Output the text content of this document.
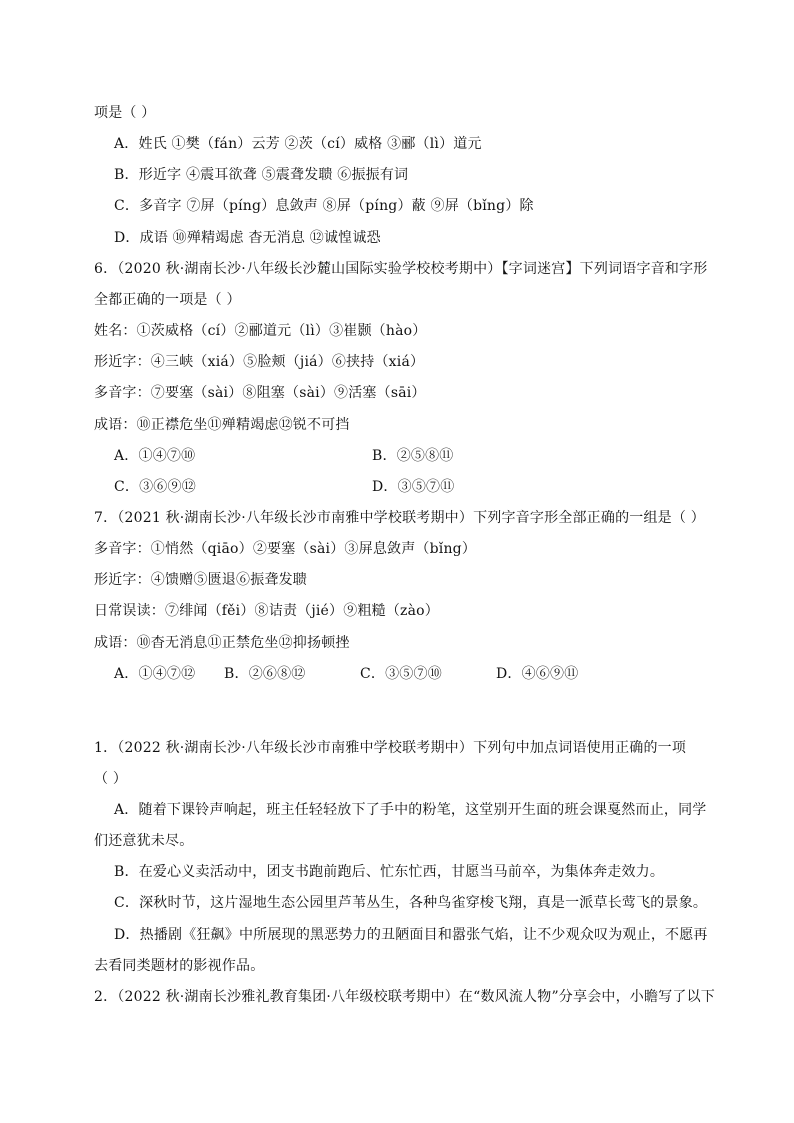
项是（ ）
A．姓氏 ①樊（fán）云芳 ②茨（cí）威格 ③郦（lì）道元
B．形近字 ④震耳欲聋 ⑤震聋发聩 ⑥振振有词
C．多音字 ⑦屏（píng）息敛声 ⑧屏（píng）蔽 ⑨屏（bǐng）除
D．成语 ⑩殚精竭虑 杳无消息 ⑫诚惶诚恐
6．（2020 秋·湖南长沙·八年级长沙麓山国际实验学校校考期中）【字词迷宫】下列词语字音和字形
全都正确的一项是（ ）
姓名：①茨威格（cí）②郦道元（lì）③崔颢（hào）
形近字：④三峡（xiá）⑤脸颊（jiá）⑥挟持（xiá）
多音字：⑦要塞（sài）⑧阻塞（sài）⑨活塞（sāi）
成语：⑩正襟危坐⑪殚精竭虑⑫锐不可挡
A．①④⑦⑩	B．②⑤⑧⑪
C．③⑥⑨⑫	D．③⑤⑦⑪
7．（2021 秋·湖南长沙·八年级长沙市南雅中学校联考期中）下列字音字形全部正确的一组是（ ）
多音字：①悄然（qiāo）②要塞（sài）③屏息敛声（bǐng）
形近字：④馈赠⑤匮退⑥振聋发聩
日常误读：⑦绯闻（fěi）⑧诘责（jié）⑨粗糙（zào）
成语：⑩杳无消息⑪正禁危坐⑫抑扬顿挫
A．①④⑦⑫	B．②⑥⑧⑫	C．③⑤⑦⑩	D．④⑥⑨⑪
1．（2022 秋·湖南长沙·八年级长沙市南雅中学校联考期中）下列句中加点词语使用正确的一项
（ ）
A．随着下课铃声响起，班主任轻轻放下了手中的粉笔，这堂别开生面的班会课戛然而止，同学
们还意犹未尽。
B．在爱心义卖活动中，团支书跑前跑后、忙东忙西，甘愿当马前卒，为集体奔走效力。
C．深秋时节，这片湿地生态公园里芦苇丛生，各种鸟雀穿梭飞翔，真是一派草长莺飞的景象。
D．热播剧《狂飙》中所展现的黑恶势力的丑陋面目和嚣张气焰，让不少观众叹为观止，不愿再
去看同类题材的影视作品。
2．（2022 秋·湖南长沙雅礼教育集团·八年级校联考期中）在“数风流人物”分享会中，小瞻写了以下
